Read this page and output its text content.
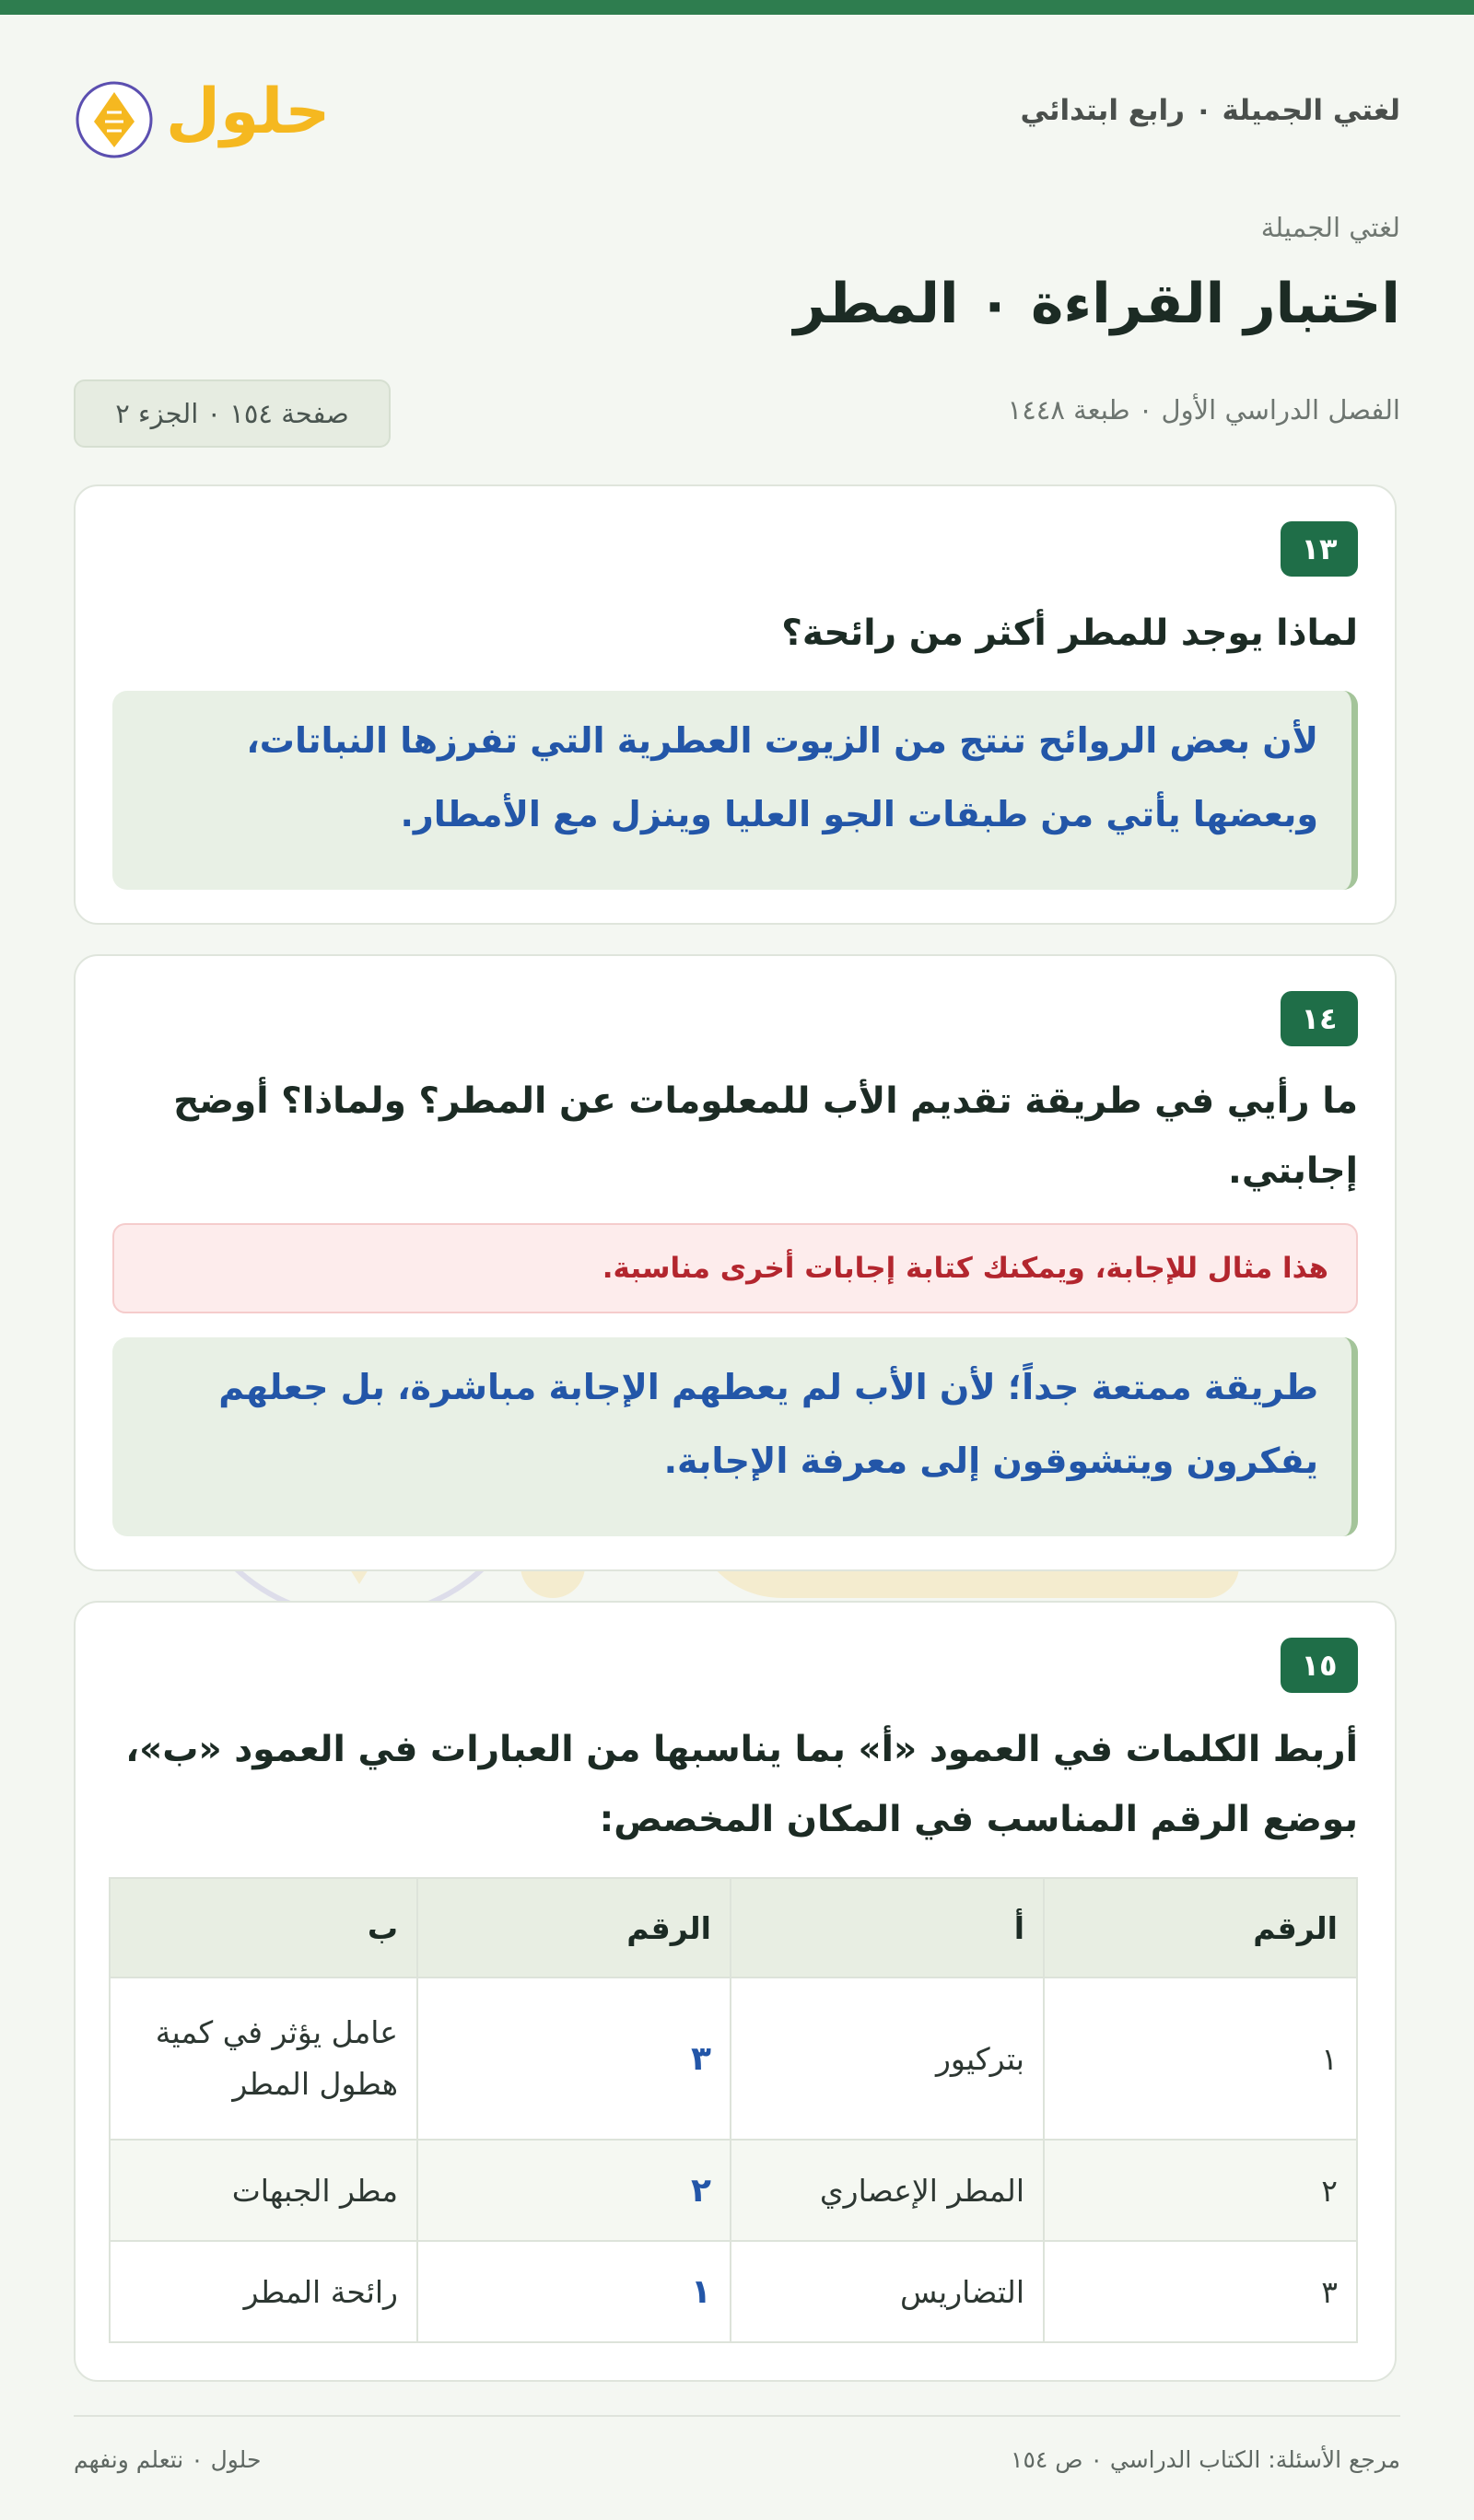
لغتي الجميلة ٠ رابع ابتدائي
حلول
لغتي الجميلة
اختبار القراءة ٠ المطر
الفصل الدراسي الأول ٠ طبعة ١٤٤٨
صفحة ١٥٤ ٠ الجزء ٢
١٣

لماذا يوجد للمطر أكثر من رائحة؟

لأن بعض الروائح تنتج من الزيوت العطرية التي تفرزها النباتات،
وبعضها يأتي من طبقات الجو العليا وينزل مع الأمطار.
١٤

ما رأيي في طريقة تقديم الأب للمعلومات عن المطر؟ ولماذا؟ أوضح إجابتي.

هذا مثال للإجابة، ويمكنك كتابة إجابات أخرى مناسبة.
طريقة ممتعة جداً؛ لأن الأب لم يعطهم الإجابة مباشرة، بل جعلهم
يفكرون ويتشوقون إلى معرفة الإجابة.
١٥

أربط الكلمات في العمود «أ» بما يناسبها من العبارات في العمود «ب»، بوضع الرقم المناسب في المكان المخصص:

الرقم	أ	الرقم	ب
١	بتركيور	٣	عامل يؤثر في كمية هطول المطر
٢	المطر الإعصاري	٢	مطر الجبهات
٣	التضاريس	١	رائحة المطر
مرجع الأسئلة: الكتاب الدراسي ٠ ص ١٥٤
حلول ٠ نتعلم ونفهم
